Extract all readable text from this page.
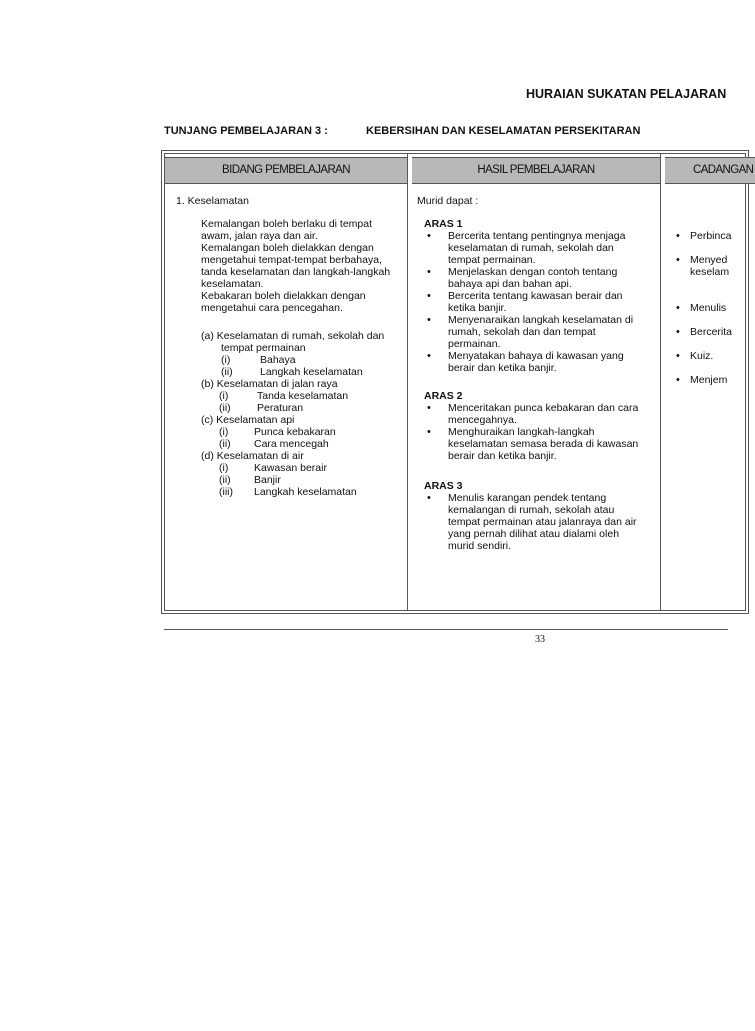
HURAIAN SUKATAN PELAJARAN
TUNJANG PEMBELAJARAN 3 :	KEBERSIHAN DAN KESELAMATAN PERSEKITARAN
BIDANG PEMBELAJARAN
1. Keselamatan
Kemalangan boleh berlaku di tempat
awam, jalan raya dan air.
Kemalangan boleh dielakkan dengan
mengetahui tempat-tempat berbahaya,
tanda keselamatan dan langkah-langkah
keselamatan.
Kebakaran boleh dielakkan dengan
mengetahui cara pencegahan.
(a) Keselamatan di rumah, sekolah dan
tempat permainan
(i)	Bahaya
(ii)	Langkah keselamatan
(b) Keselamatan di jalan raya
(i)	Tanda keselamatan
(ii)	Peraturan
(c) Keselamatan api
(i) Punca kebakaran
(ii) Cara mencegah
(d) Keselamatan di air
(i) Kawasan berair
(ii) Banjir
(iii) Langkah keselamatan
HASIL PEMBELAJARAN
Murid dapat :
ARAS 1
• Bercerita tentang pentingnya menjaga
keselamatan di rumah, sekolah dan
tempat permainan.
• Menjelaskan dengan contoh tentang
bahaya api dan bahan api.
• Bercerita tentang kawasan berair dan
ketika banjir.
• Menyenaraikan langkah keselamatan di
rumah, sekolah dan dan tempat
permainan.
• Menyatakan bahaya di kawasan yang
berair dan ketika banjir.
ARAS 2
• Menceritakan punca kebakaran dan cara
mencegahnya.
• Menghuraikan langkah-langkah
keselamatan semasa berada di kawasan
berair dan ketika banjir.
ARAS 3
• Menulis karangan pendek tentang
kemalangan di rumah, sekolah atau
tempat permainan atau jalanraya dan air
yang pernah dilihat atau dialami oleh
murid sendiri.
CADANGAN
• Perbinca
• Menyed
keselam
• Menulis
• Bercerita
• Kuiz.
• Menjem
33
